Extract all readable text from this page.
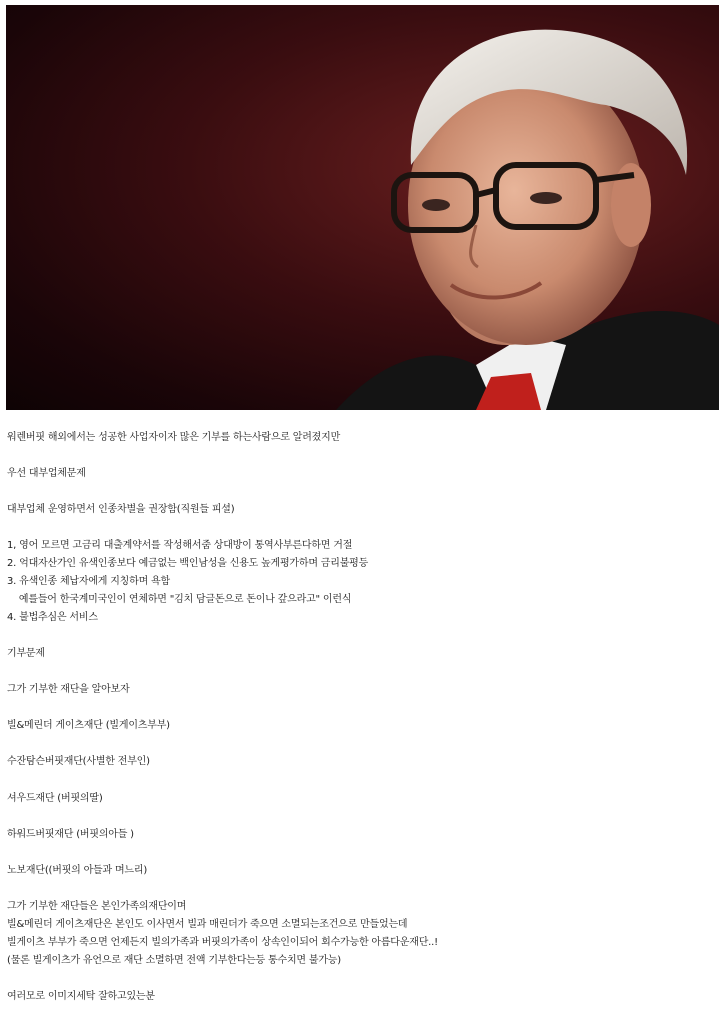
워렌버핏 해외에서는 성공한 사업자이자 많은 기부를 하는사람으로 알려졌지만
우선 대부업체문제
대부업체 운영하면서 인종차별을 권장함(직원들 피셜)
1, 영어 모르면 고금리 대출계약서를 작성해서줌 상대방이 통역사부른다하면 거절
2. 억대자산가인 유색인종보다 예금없는 백인남성을 신용도 높게평가하며 금리불평등
3. 유색인종 체납자에게 지칭하며 욕함
예를들어 한국계미국인이 연체하면 "김치 담글돈으로 돈이나 갚으라고" 이런식
4. 불법추심은 서비스
기부문제
그가 기부한 재단을 알아보자
빌&메린더 게이츠재단 (빌게이츠부부)
수잔탐슨버핏재단(사별한 전부인)
셔우드재단 (버핏의딸)
하워드버핏재단 (버핏의아들 )
노보재단((버핏의 아들과 며느리)
그가 기부한 재단들은 본인가족의재단이며
빌&메린더 게이츠재단은 본인도 이사면서 빌과 매린더가 죽으면 소멸되는조건으로 만들었는데
빌게이츠 부부가 죽으면 언제든지 빌의가족과 버핏의가족이 상속인이되어 회수가능한 아름다운재단..!
(물론 빌게이츠가 유언으로 재단 소멸하면 전액 기부한다는등 통수치면 불가능)
여러모로 이미지세탁 잘하고있는분
